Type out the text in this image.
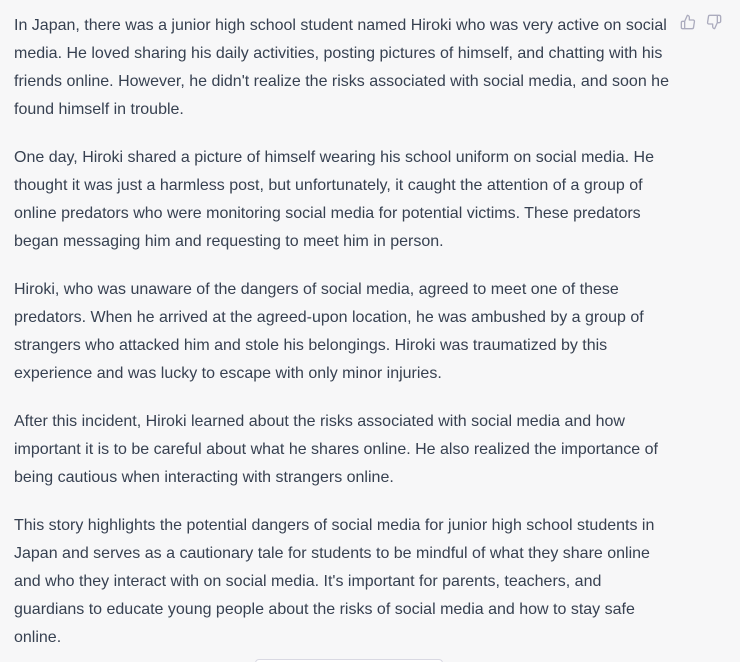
In Japan, there was a junior high school student named Hiroki who was very active on social media. He loved sharing his daily activities, posting pictures of himself, and chatting with his friends online. However, he didn't realize the risks associated with social media, and soon he found himself in trouble.

One day, Hiroki shared a picture of himself wearing his school uniform on social media. He thought it was just a harmless post, but unfortunately, it caught the attention of a group of online predators who were monitoring social media for potential victims. These predators began messaging him and requesting to meet him in person.

Hiroki, who was unaware of the dangers of social media, agreed to meet one of these predators. When he arrived at the agreed-upon location, he was ambushed by a group of strangers who attacked him and stole his belongings. Hiroki was traumatized by this experience and was lucky to escape with only minor injuries.

After this incident, Hiroki learned about the risks associated with social media and how important it is to be careful about what he shares online. He also realized the importance of being cautious when interacting with strangers online.

This story highlights the potential dangers of social media for junior high school students in Japan and serves as a cautionary tale for students to be mindful of what they share online and who they interact with on social media. It's important for parents, teachers, and guardians to educate young people about the risks of social media and how to stay safe online.
